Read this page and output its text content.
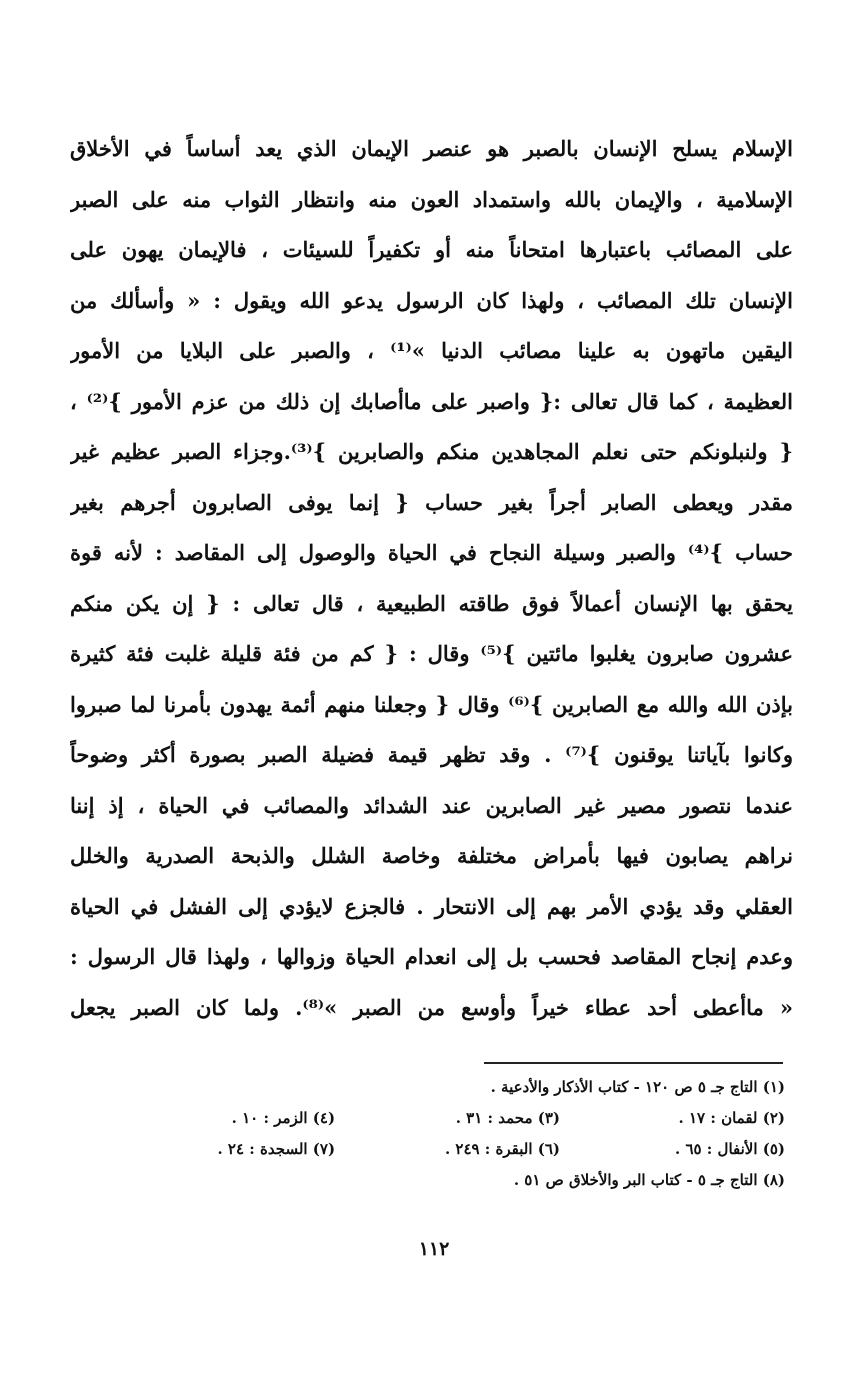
الإسلام يسلح الإنسان بالصبر هو عنصر الإيمان الذي يعد أساساً في الأخلاق
الإسلامية ، والإيمان بالله واستمداد العون منه وانتظار الثواب منه على الصبر
على المصائب باعتبارها امتحاناً منه أو تكفيراً للسيئات ، فالإيمان يهون على
الإنسان تلك المصائب ، ولهذا كان الرسول يدعو الله ويقول : « وأسألك من
اليقين ماتهون به علينا مصائب الدنيا »⁽¹⁾ ، والصبر على البلايا من الأمور
العظيمة ، كما قال تعالى :{ واصبر على ماأصابك إن ذلك من عزم الأمور }⁽²⁾ ،
{ ولنبلونكم حتى نعلم المجاهدين منكم والصابرين }⁽³⁾.وجزاء الصبر عظيم غير
مقدر ويعطى الصابر أجراً بغير حساب { إنما يوفى الصابرون أجرهم بغير
حساب }⁽⁴⁾ والصبر وسيلة النجاح في الحياة والوصول إلى المقاصد : لأنه قوة
يحقق بها الإنسان أعمالاً فوق طاقته الطبيعية ، قال تعالى : { إن يكن منكم
عشرون صابرون يغلبوا مائتين }⁽⁵⁾ وقال : { كم من فئة قليلة غلبت فئة كثيرة
بإذن الله والله مع الصابرين }⁽⁶⁾ وقال { وجعلنا منهم أئمة يهدون بأمرنا لما صبروا
وكانوا بآياتنا يوقنون }⁽⁷⁾ . وقد تظهر قيمة فضيلة الصبر بصورة أكثر وضوحاً
عندما نتصور مصير غير الصابرين عند الشدائد والمصائب في الحياة ، إذ إننا
نراهم يصابون فيها بأمراض مختلفة وخاصة الشلل والذبحة الصدرية والخلل
العقلي وقد يؤدي الأمر بهم إلى الانتحار . فالجزع لايؤدي إلى الفشل في الحياة
وعدم إنجاح المقاصد فحسب بل إلى انعدام الحياة وزوالها ، ولهذا قال الرسول :
« ماأعطى أحد عطاء خيراً وأوسع من الصبر »⁽⁸⁾. ولما كان الصبر يجعل
(١) التاج جـ ٥ ص ١٢٠ - كتاب الأذكار والأدعية .
(٢) لقمان : ١٧ .
(٣) محمد : ٣١ .
(٤) الزمر : ١٠ .
(٥) الأنفال : ٦٥ .
(٦) البقرة : ٢٤٩ .
(٧) السجدة : ٢٤ .
(٨) التاج جـ ٥ - كتاب البر والأخلاق ص ٥١ .
١١٢
